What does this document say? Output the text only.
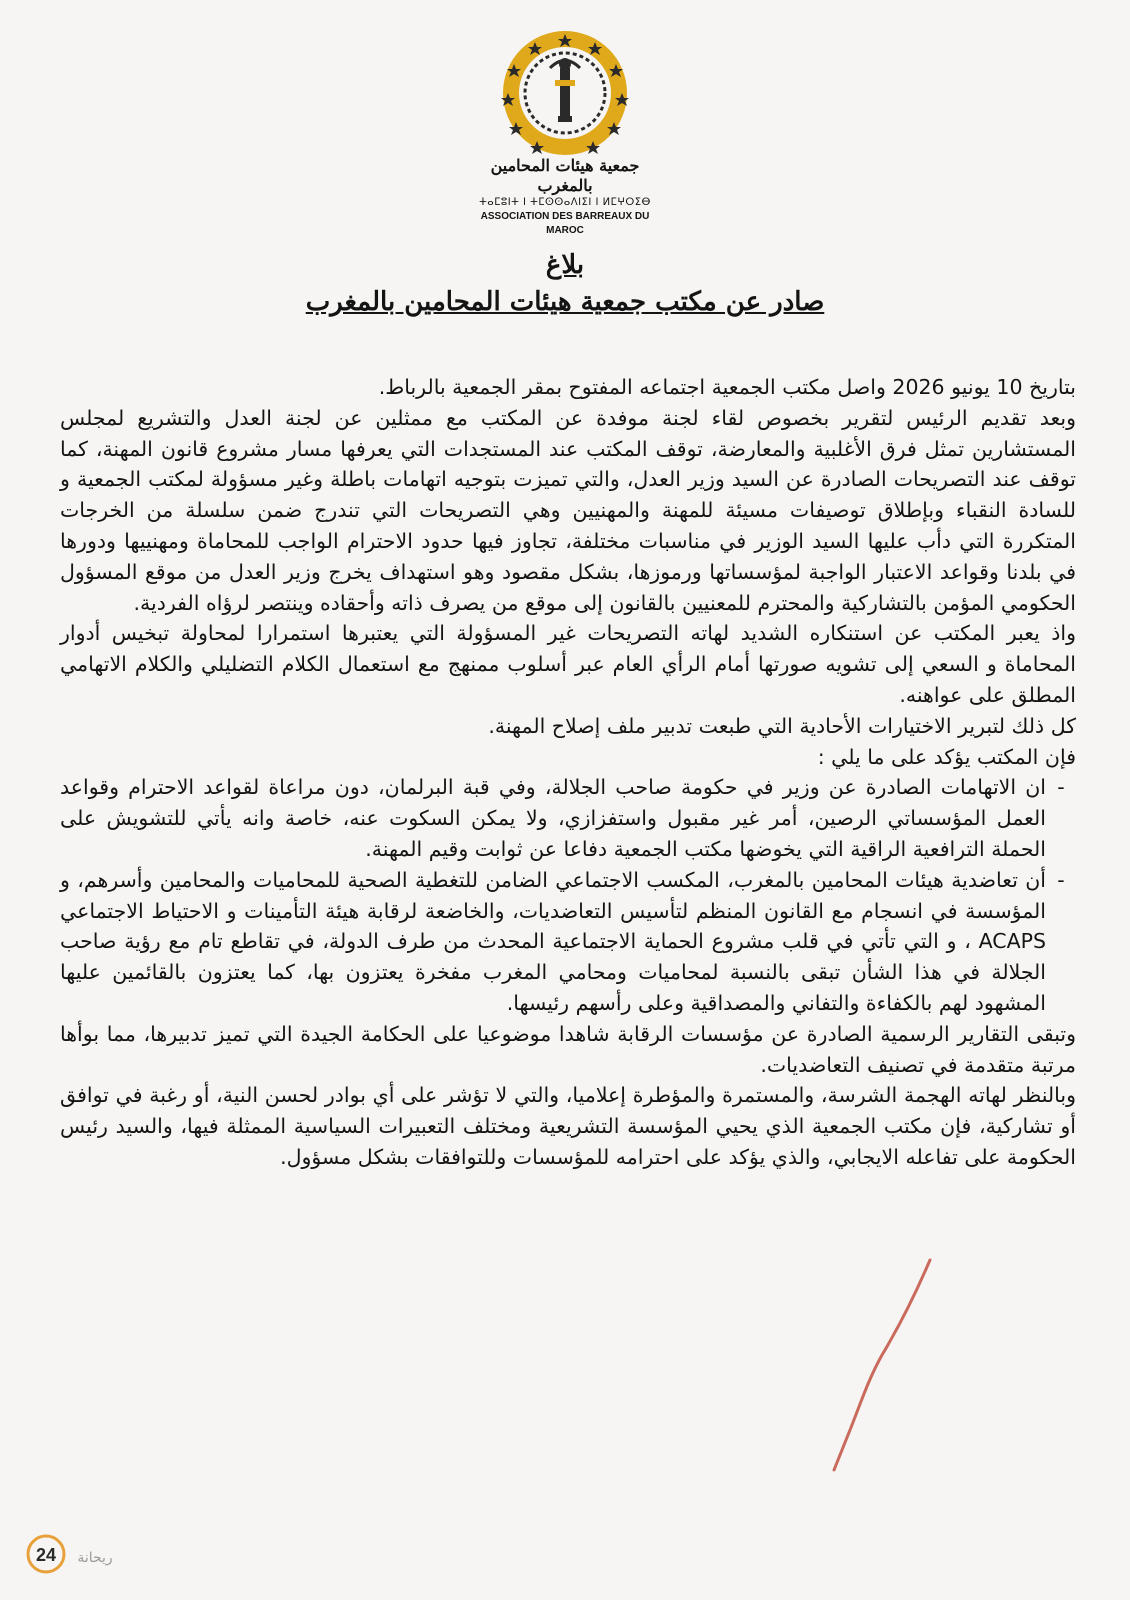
جمعية هيئات المحامين بالمغرب
ⵜⴰⵎⵓⵏⵜ ⵏ ⵜⵎⵙⵙⴰⴷⵏⵉⵏ ⵏ ⵍⵎⵖⵔⵉⴱ
ASSOCIATION DES BARREAUX DU MAROC
بلاغ
صادر عن مكتب جمعية هيئات المحامين بالمغرب

بتاريخ 10 يونيو 2026 واصل مكتب الجمعية اجتماعه المفتوح بمقر الجمعية بالرباط.

وبعد تقديم الرئيس لتقرير بخصوص لقاء لجنة موفدة عن المكتب مع ممثلين عن لجنة العدل والتشريع لمجلس المستشارين تمثل فرق الأغلبية والمعارضة، توقف المكتب عند المستجدات التي يعرفها مسار مشروع قانون المهنة، كما توقف عند التصريحات الصادرة عن السيد وزير العدل، والتي تميزت بتوجيه اتهامات باطلة وغير مسؤولة لمكتب الجمعية و للسادة النقباء وبإطلاق توصيفات مسيئة للمهنة والمهنيين وهي التصريحات التي تندرج ضمن سلسلة من الخرجات المتكررة التي دأب عليها السيد الوزير في مناسبات مختلفة، تجاوز فيها حدود الاحترام الواجب للمحاماة ومهنييها ودورها في بلدنا وقواعد الاعتبار الواجبة لمؤسساتها ورموزها، بشكل مقصود وهو استهداف يخرج وزير العدل من موقع المسؤول الحكومي المؤمن بالتشاركية والمحترم للمعنيين بالقانون إلى موقع من يصرف ذاته وأحقاده وينتصر لرؤاه الفردية.

واذ يعبر المكتب عن استنكاره الشديد لهاته التصريحات غير المسؤولة التي يعتبرها استمرارا لمحاولة تبخيس أدوار المحاماة و السعي إلى تشويه صورتها أمام الرأي العام عبر أسلوب ممنهج مع استعمال الكلام التضليلي والكلام الاتهامي المطلق على عواهنه.

كل ذلك لتبرير الاختيارات الأحادية التي طبعت تدبير ملف إصلاح المهنة.

فإن المكتب يؤكد على ما يلي :

-
ان الاتهامات الصادرة عن وزير في حكومة صاحب الجلالة، وفي قبة البرلمان، دون مراعاة لقواعد الاحترام وقواعد العمل المؤسساتي الرصين، أمر غير مقبول واستفزازي، ولا يمكن السكوت عنه، خاصة وانه يأتي للتشويش على الحملة الترافعية الراقية التي يخوضها مكتب الجمعية دفاعا عن ثوابت وقيم المهنة.
-
أن تعاضدية هيئات المحامين بالمغرب، المكسب الاجتماعي الضامن للتغطية الصحية للمحاميات والمحامين وأسرهم، و المؤسسة في انسجام مع القانون المنظم لتأسيس التعاضديات، والخاضعة لرقابة هيئة التأمينات و الاحتياط الاجتماعي ACAPS ، و التي تأتي في قلب مشروع الحماية الاجتماعية المحدث من طرف الدولة، في تقاطع تام مع رؤية صاحب الجلالة في هذا الشأن تبقى بالنسبة لمحاميات ومحامي المغرب مفخرة يعتزون بها، كما يعتزون بالقائمين عليها المشهود لهم بالكفاءة والتفاني والمصداقية وعلى رأسهم رئيسها.

وتبقى التقارير الرسمية الصادرة عن مؤسسات الرقابة شاهدا موضوعيا على الحكامة الجيدة التي تميز تدبيرها، مما بوأها مرتبة متقدمة في تصنيف التعاضديات.

وبالنظر لهاته الهجمة الشرسة، والمستمرة والمؤطرة إعلاميا، والتي لا تؤشر على أي بوادر لحسن النية، أو رغبة في توافق أو تشاركية، فإن مكتب الجمعية الذي يحيي المؤسسة التشريعية ومختلف التعبيرات السياسية الممثلة فيها، والسيد رئيس الحكومة على تفاعله الايجابي، والذي يؤكد على احترامه للمؤسسات وللتوافقات بشكل مسؤول.

24 ريحانة
